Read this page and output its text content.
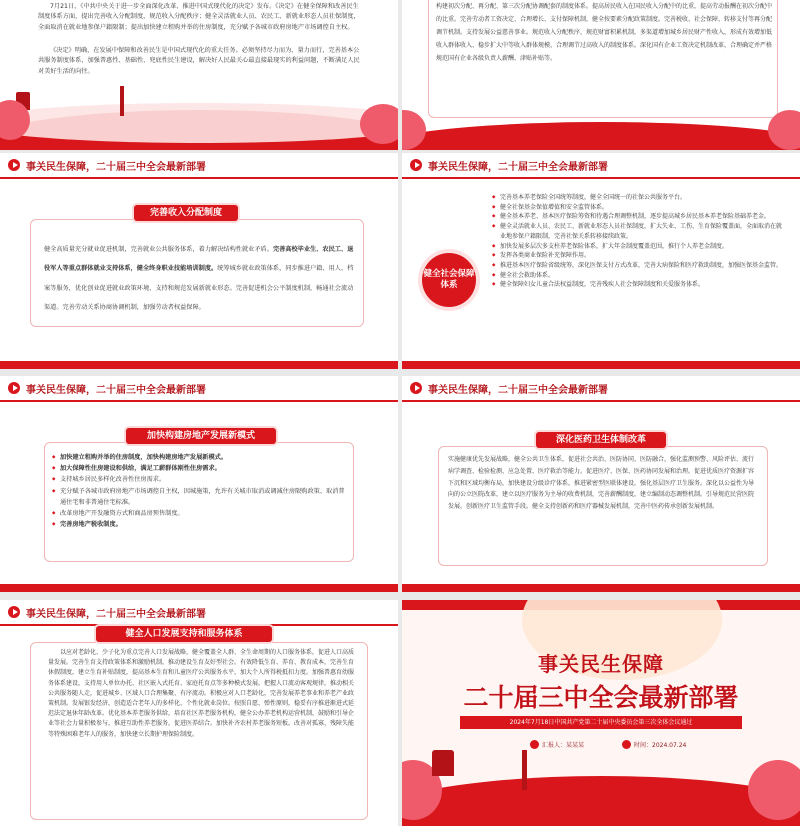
7月21日，《中共中央关于进一步全面深化改革、推进中国式现代化的决定》发布。《决定》在健全保障和改善民生制度体系方面，提出完善收入分配制度，规范收入分配秩序；健全灵活就业人员、农民工、新就业形态人员社保制度，全面取消在就业地参保户籍限制；提出加快建立租购并举的住房制度，充分赋予各城市政府房地产市场调控自主权。
《决定》明确，在发展中保障和改善民生是中国式现代化的重大任务。必须坚持尽力而为、量力而行，完善基本公共服务制度体系，加强普惠性、基础性、兜底性民生建设，解决好人民最关心最直接最现实的利益问题，不断满足人民对美好生活的向往。
构建初次分配、再分配、第三次分配协调配套的制度体系。提高居民收入在国民收入分配中的比重，提高劳动报酬在初次分配中的比重。完善劳动者工资决定、合理增长、支付保障机制，健全按要素分配政策制度。完善税收、社会保障、转移支付等再分配调节机制。支持发展公益慈善事业。规范收入分配秩序，规范财富积累机制，多渠道增加城乡居民财产性收入，形成有效增加低收入群体收入、稳步扩大中等收入群体规模、合理调节过高收入的制度体系。深化国有企业工资决定机制改革，合理确定并严格规范国有企业各级负责人薪酬、津贴补贴等。
事关民生保障，二十届三中全会最新部署
完善收入分配制度
健全高质量充分就业促进机制，完善就业公共服务体系，着力解决结构性就业矛盾。完善高校毕业生、农民工、退役军人等重点群体就业支持体系，健全终身职业技能培训制度。统筹城乡就业政策体系，同步推进户籍、用人、档案等服务，优化创业促进就业政策环境，支持和规范发展新就业形态。完善促进机会公平制度机制，畅通社会流动渠道。完善劳动关系协商协调机制，加强劳动者权益保障。
事关民生保障，二十届三中全会最新部署
健全社会保障体系
◆ 完善基本养老保险全国统筹制度，健全全国统一的社保公共服务平台。
◆ 健全社保基金保值增值和安全监管体系。
◆ 健全基本养老、基本医疗保险筹资和待遇合理调整机制，逐步提高城乡居民基本养老保险基础养老金。
◆ 健全灵活就业人员、农民工、新就业形态人员社保制度，扩大失业、工伤、生育保险覆盖面，全面取消在就业地参保户籍限制，完善社保关系转移接续政策。
◆ 加快发展多层次多支柱养老保险体系，扩大年金制度覆盖范围，推行个人养老金制度。
◆ 发挥各类商业保险补充保障作用。
◆ 推进基本医疗保险省级统筹，深化医保支付方式改革，完善大病保险和医疗救助制度，加强医保基金监管。
◆ 健全社会救助体系。
◆ 健全保障妇女儿童合法权益制度，完善残疾人社会保障制度和关爱服务体系。
事关民生保障，二十届三中全会最新部署
加快构建房地产发展新模式
◆ 加快建立租购并举的住房制度，加快构建房地产发展新模式。
◆ 加大保障性住房建设和供给，满足工薪群体刚性住房需求。
◆ 支持城乡居民多样化改善性住房需求。
◆ 充分赋予各城市政府房地产市场调控自主权，因城施策，允许有关城市取消或调减住房限购政策、取消普通住宅和非普通住宅标准。
◆ 改革房地产开发融资方式和商品房预售制度。
◆ 完善房地产税收制度。
事关民生保障，二十届三中全会最新部署
深化医药卫生体制改革
实施健康优先发展战略，健全公共卫生体系，促进社会共治、医防协同、医防融合，强化监测预警、风险评估、流行病学调查、检验检测、应急处置、医疗救治等能力。促进医疗、医保、医药协同发展和治理。促进优质医疗资源扩容下沉和区域均衡布局，加快建设分级诊疗体系，推进紧密型医联体建设，强化基层医疗卫生服务。深化以公益性为导向的公立医院改革，建立以医疗服务为主导的收费机制，完善薪酬制度，建立编制动态调整机制。引导规范民营医院发展。创新医疗卫生监管手段。健全支持创新药和医疗器械发展机制，完善中医药传承创新发展机制。
事关民生保障，二十届三中全会最新部署
健全人口发展支持和服务体系
以应对老龄化、少子化为重点完善人口发展战略，健全覆盖全人群、全生命周期的人口服务体系，促进人口高质量发展。完善生育支持政策体系和激励机制，推动建设生育友好型社会。有效降低生育、养育、教育成本，完善生育休假制度，建立生育补贴制度，提高基本生育和儿童医疗公共服务水平，加大个人所得税抵扣力度。加强普惠育幼服务体系建设，支持用人单位办托、社区嵌入式托育、家庭托育点等多种模式发展。把握人口流动客观规律，推动相关公共服务随人走，促进城乡、区域人口合理集聚、有序流动。积极应对人口老龄化，完善发展养老事业和养老产业政策机制。发展银发经济，创造适合老年人的多样化、个性化就业岗位。按照自愿、弹性原则，稳妥有序推进渐进式延迟法定退休年龄改革。优化基本养老服务供给，培育社区养老服务机构，健全公办养老机构运营机制，鼓励和引导企业等社会力量积极参与，推进互助性养老服务，促进医养结合。加快补齐农村养老服务短板。改善对孤寡、残障失能等特殊困难老年人的服务，加快建立长期护理保险制度。
事关民生保障
二十届三中全会最新部署
2024年7月18日中国共产党第二十届中央委员会第三次全体会议通过
汇报人：某某某	时间：2024.07.24
